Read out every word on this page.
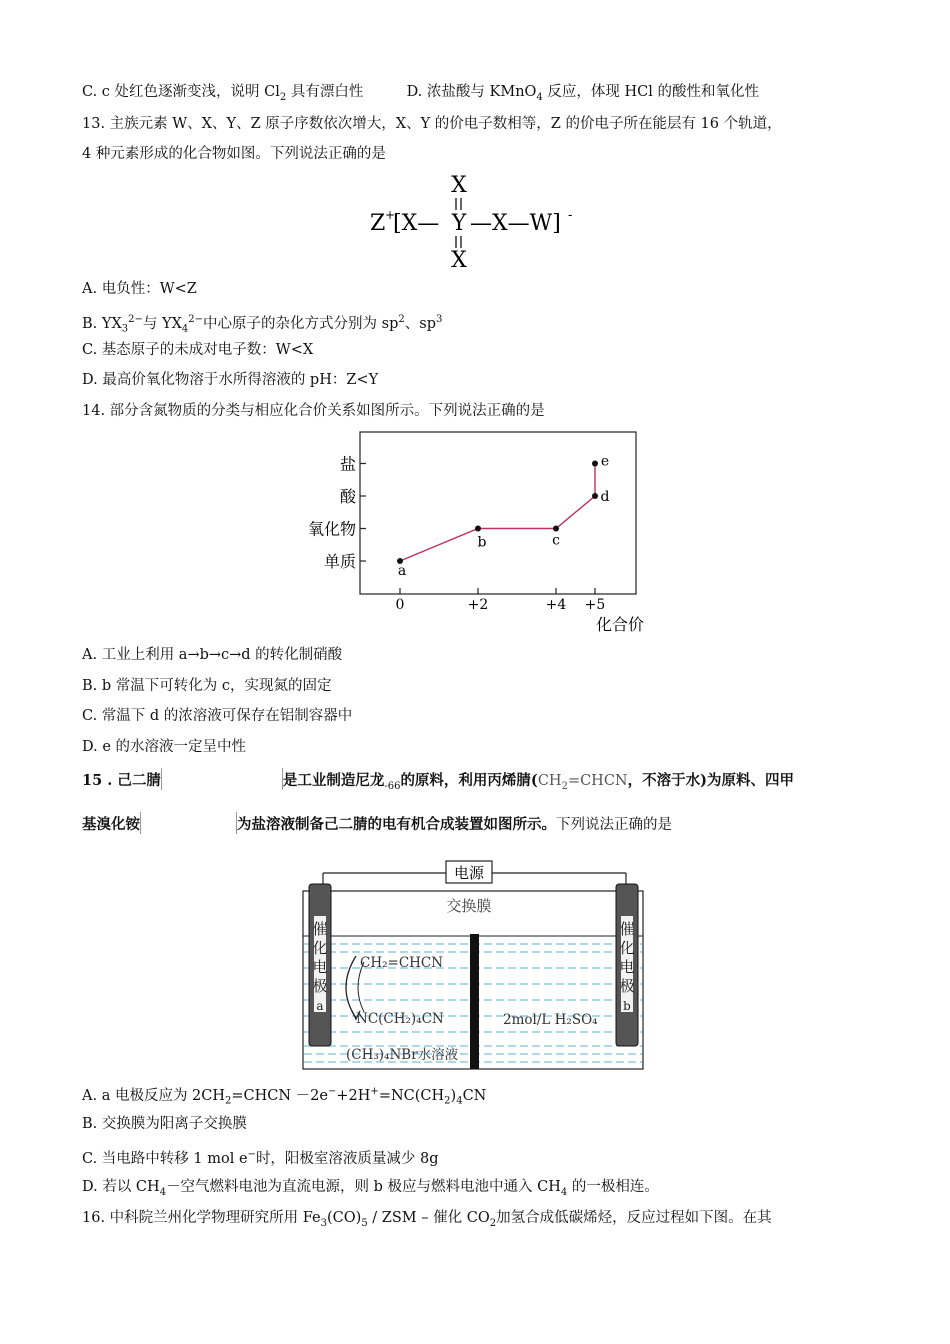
C. c 处红色逐渐变浅，说明 $Cl_2$ 具有漂白性	D. 浓盐酸与 KMnO$_4$ 反应，体现 HCl 的酸性和氧化性
13. 主族元素 W、X、Y、Z 原子序数依次增大，X、Y 的价电子数相等，Z 的价电子所在能层有 16 个轨道，
4 种元素形成的化合物如图。下列说法正确的是
X
Z +
[X— Y —X—W] -
X
A. 电负性：W<Z
B. $YX_3^{2-}$与 $YX_4^{2-}$中心原子的杂化方式分别为 $sp^2$、$sp^3$
C. 基态原子的未成对电子数：W<X
D. 最高价氧化物溶于水所得溶液的 pH：Z<Y
14. 部分含氮物质的分类与相应化合价关系如图所示。下列说法正确的是
单质
氧化物
酸
盐
0	+2	+4 +5
a
b	c
d
e
化合价
A. 工业上利用 a→b→c→d 的转化制硝酸
B. b 常温下可转化为 c，实现氮的固定
C. 常温下 d 的浓溶液可保存在铝制容器中
D. e 的水溶液一定呈中性
15 . 己二腈	是工业制造尼龙$_{-66}$的原料，利用丙烯腈($CH_2=CHCN$，不溶于水)为原料、四甲
基溴化铵	为盐溶液制备己二腈的电有机合成装置如图所示。下列说法正确的是
电源
交换膜
催
化
电
极
a
催
化
电
极
b
CH₂=CHCN
NC(CH₂)₄CN
(CH₃)₄NBr水溶液
2mol/L H₂SO₄
A. a 电极反应为 $2CH_2=CHCN -2e^-+2H^+=NC(CH_2)_4CN$
B. 交换膜为阳离子交换膜
C. 当电路中转移 1 mol e−时，阳极室溶液质量减少 8g
D. 若以 $CH_4-$空气燃料电池为直流电源，则 b 极应与燃料电池中通入 $CH_4$ 的一极相连。
16. 中科院兰州化学物理研究所用 $Fe_3(CO)_5$ / ZSM – 催化 $CO_2$加氢合成低碳烯烃，反应过程如下图。在其
